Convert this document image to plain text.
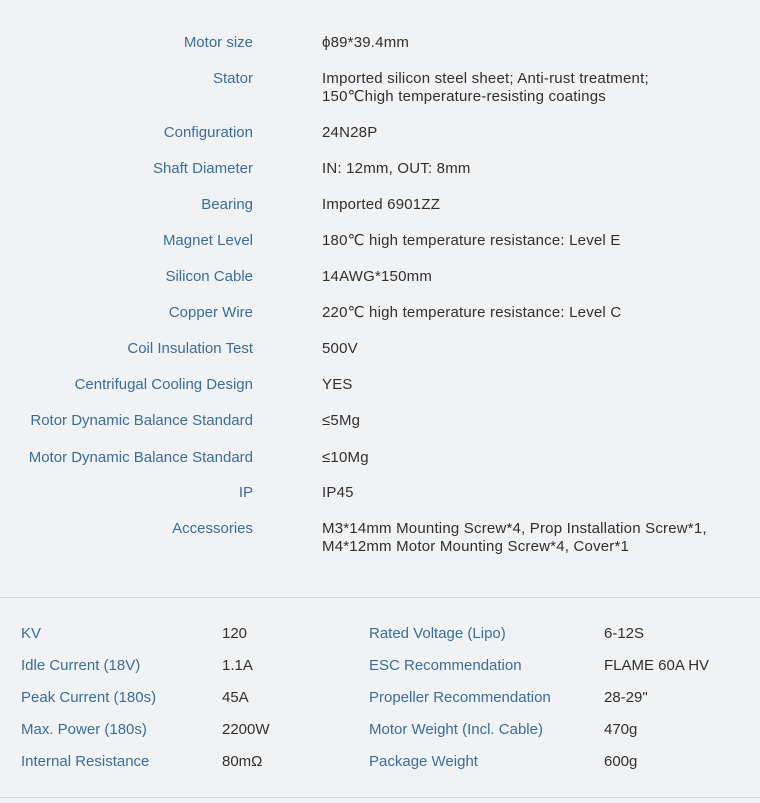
Motor size	ϕ89*39.4mm
Stator	Imported silicon steel sheet; Anti-rust treatment;
150℃high temperature-resisting coatings
Configuration	24N28P
Shaft Diameter	IN: 12mm, OUT: 8mm
Bearing	Imported 6901ZZ
Magnet Level	180℃ high temperature resistance: Level E
Silicon Cable	14AWG*150mm
Copper Wire	220℃ high temperature resistance: Level C
Coil Insulation Test	500V
Centrifugal Cooling Design	YES
Rotor Dynamic Balance Standard	≤5Mg
Motor Dynamic Balance Standard	≤10Mg
IP	IP45
Accessories	M3*14mm Mounting Screw*4, Prop Installation Screw*1,
M4*12mm Motor Mounting Screw*4, Cover*1
KV	120	Rated Voltage (Lipo)	6-12S
Idle Current (18V)	1.1A	ESC Recommendation	FLAME 60A HV
Peak Current (180s)	45A	Propeller Recommendation	28-29"
Max. Power (180s)	2200W	Motor Weight (Incl. Cable)	470g
Internal Resistance	80mΩ	Package Weight	600g
